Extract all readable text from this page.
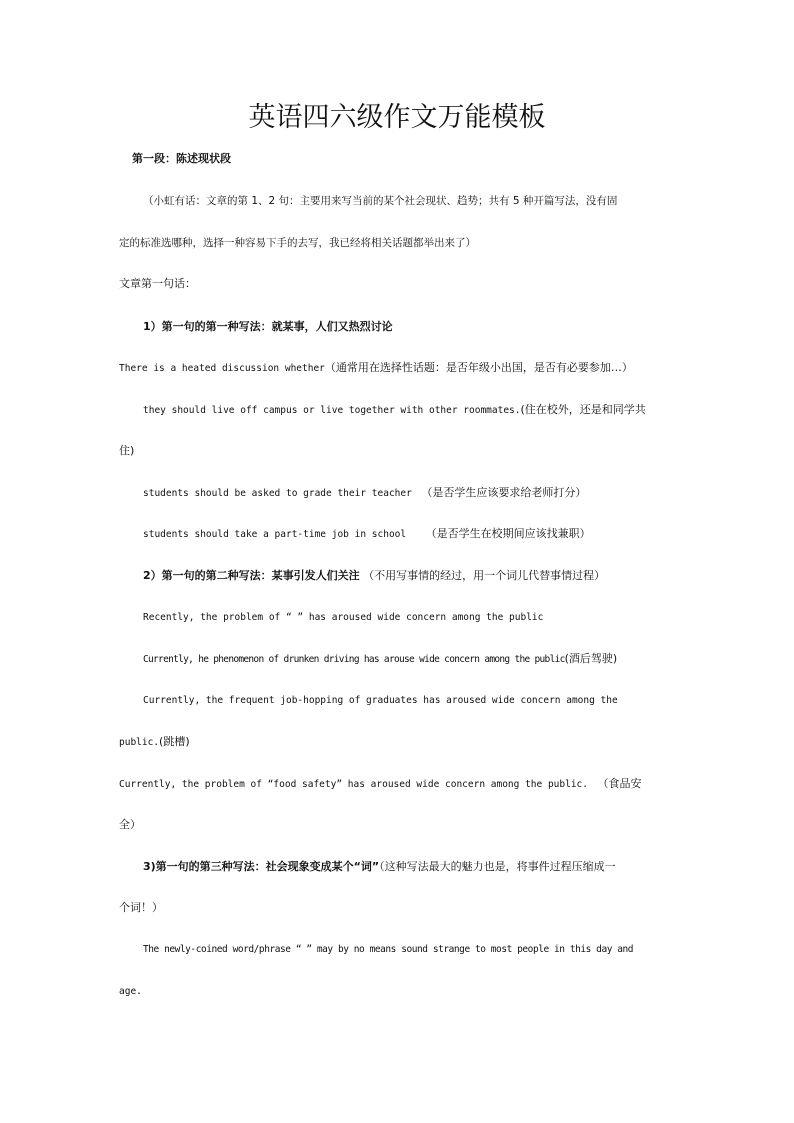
英语四六级作文万能模板
第一段：陈述现状段
（小虹有话：文章的第 1、2 句：主要用来写当前的某个社会现状、趋势；共有 5 种开篇写法，没有固
定的标准选哪种，选择一种容易下手的去写，我已经将相关话题都举出来了）
文章第一句话：
1）第一句的第一种写法：就某事，人们又热烈讨论
There is a heated discussion whether（通常用在选择性话题：是否年级小出国，是否有必要参加…）
they should live off campus or live together with other roommates.(住在校外，还是和同学共
住)
students should be asked to grade their teacher （是否学生应该要求给老师打分）
students should take a part-time job in school （是否学生在校期间应该找兼职）
2）第一句的第二种写法：某事引发人们关注 （不用写事情的经过，用一个词儿代替事情过程）
Recently, the problem of “ ” has aroused wide concern among the public
Currently, he phenomenon of drunken driving has arouse wide concern among the public(酒后驾驶)
Currently, the frequent job-hopping of graduates has aroused wide concern among the
public.(跳槽)
Currently, the problem of “food safety” has aroused wide concern among the public. （食品安
全）
3)第一句的第三种写法：社会现象变成某个“词”（这种写法最大的魅力也是，将事件过程压缩成一
个词！）
The newly-coined word/phrase “ ” may by no means sound strange to most people in this day and
age.
